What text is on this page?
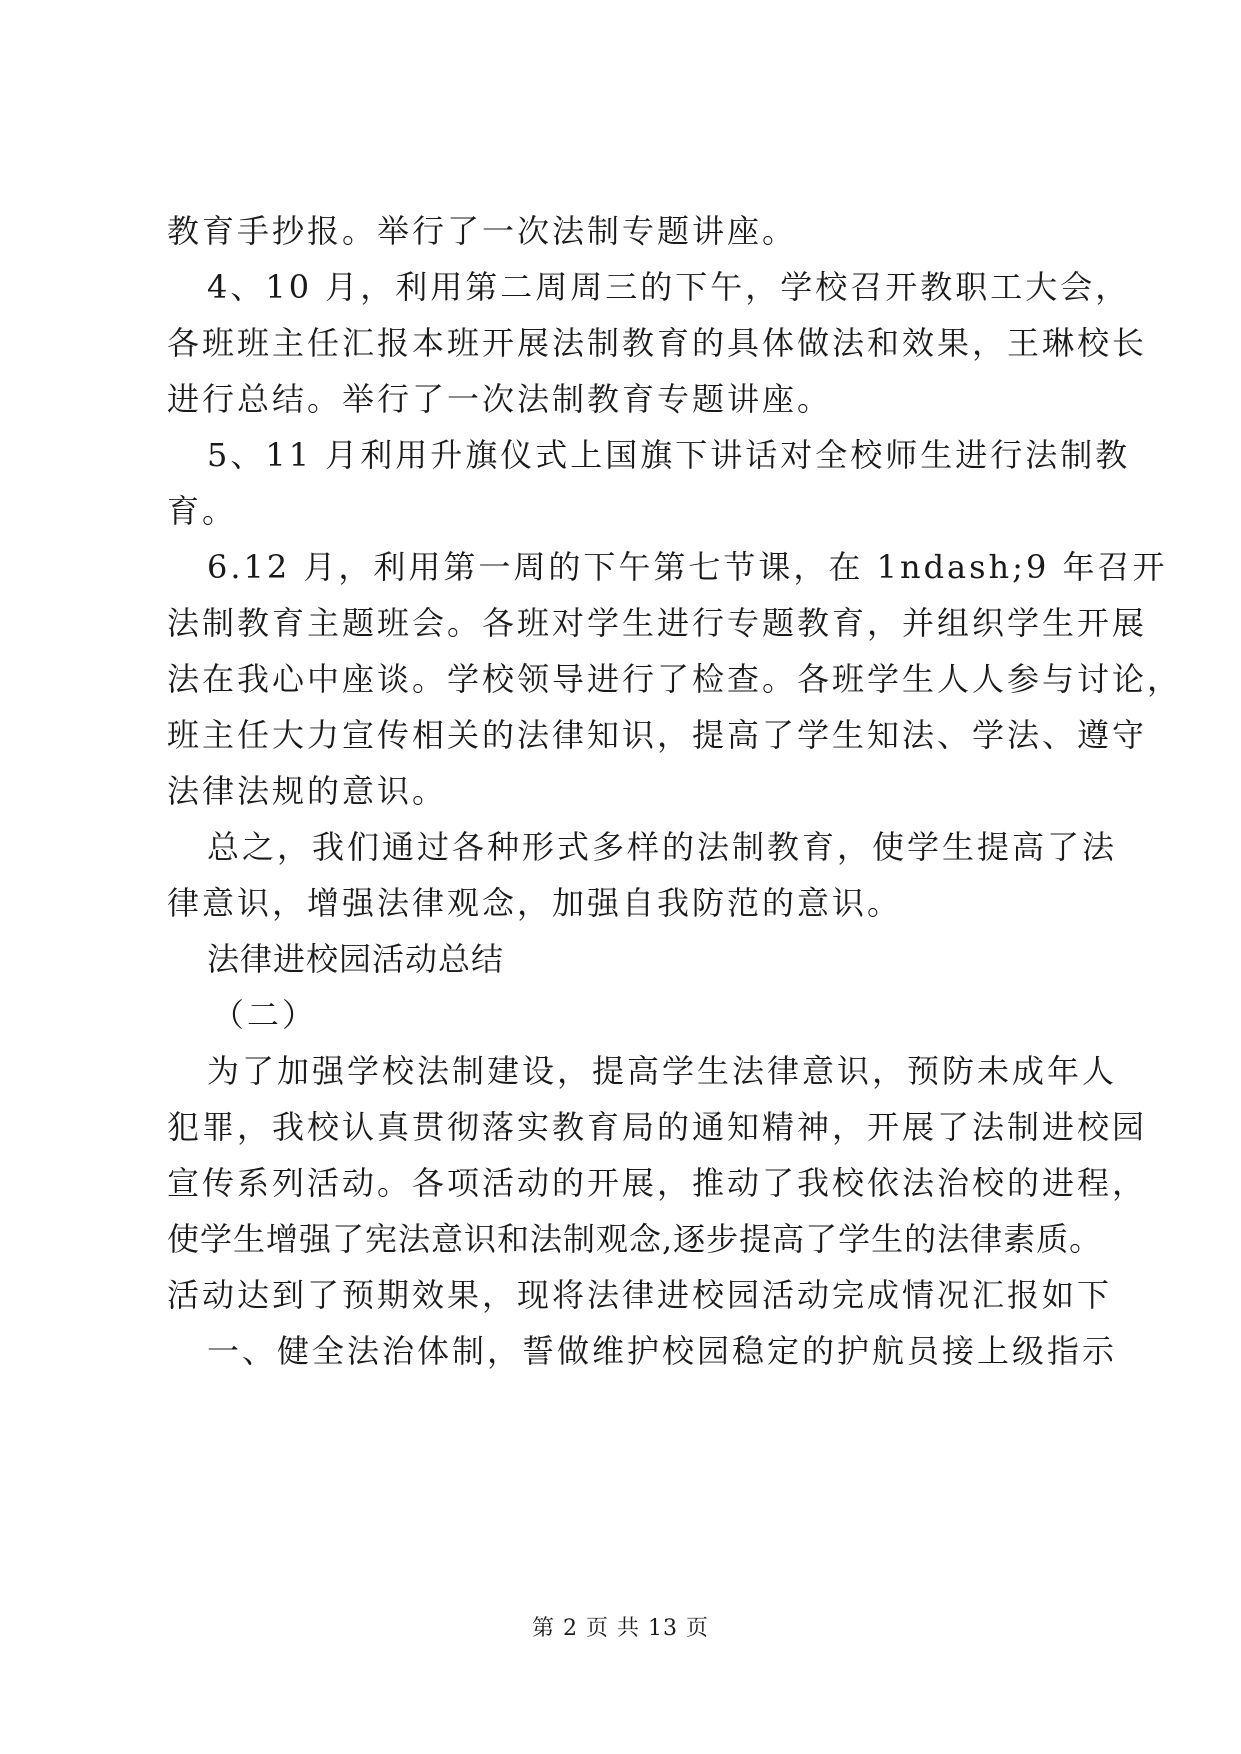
教育手抄报。举行了一次法制专题讲座。
4、10 月，利用第二周周三的下午，学校召开教职工大会，
各班班主任汇报本班开展法制教育的具体做法和效果，王琳校长
进行总结。举行了一次法制教育专题讲座。
5、11 月利用升旗仪式上国旗下讲话对全校师生进行法制教
育。
6.12 月，利用第一周的下午第七节课，在 1ndash;9 年召开
法制教育主题班会。各班对学生进行专题教育，并组织学生开展
法在我心中座谈。学校领导进行了检查。各班学生人人参与讨论，
班主任大力宣传相关的法律知识，提高了学生知法、学法、遵守
法律法规的意识。
总之，我们通过各种形式多样的法制教育，使学生提高了法
律意识，增强法律观念，加强自我防范的意识。
法律进校园活动总结
（二）
为了加强学校法制建设，提高学生法律意识，预防未成年人
犯罪，我校认真贯彻落实教育局的通知精神，开展了法制进校园
宣传系列活动。各项活动的开展，推动了我校依法治校的进程，
使学生增强了宪法意识和法制观念,逐步提高了学生的法律素质。
活动达到了预期效果，现将法律进校园活动完成情况汇报如下
一、健全法治体制，誓做维护校园稳定的护航员接上级指示
第 2 页 共 13 页
